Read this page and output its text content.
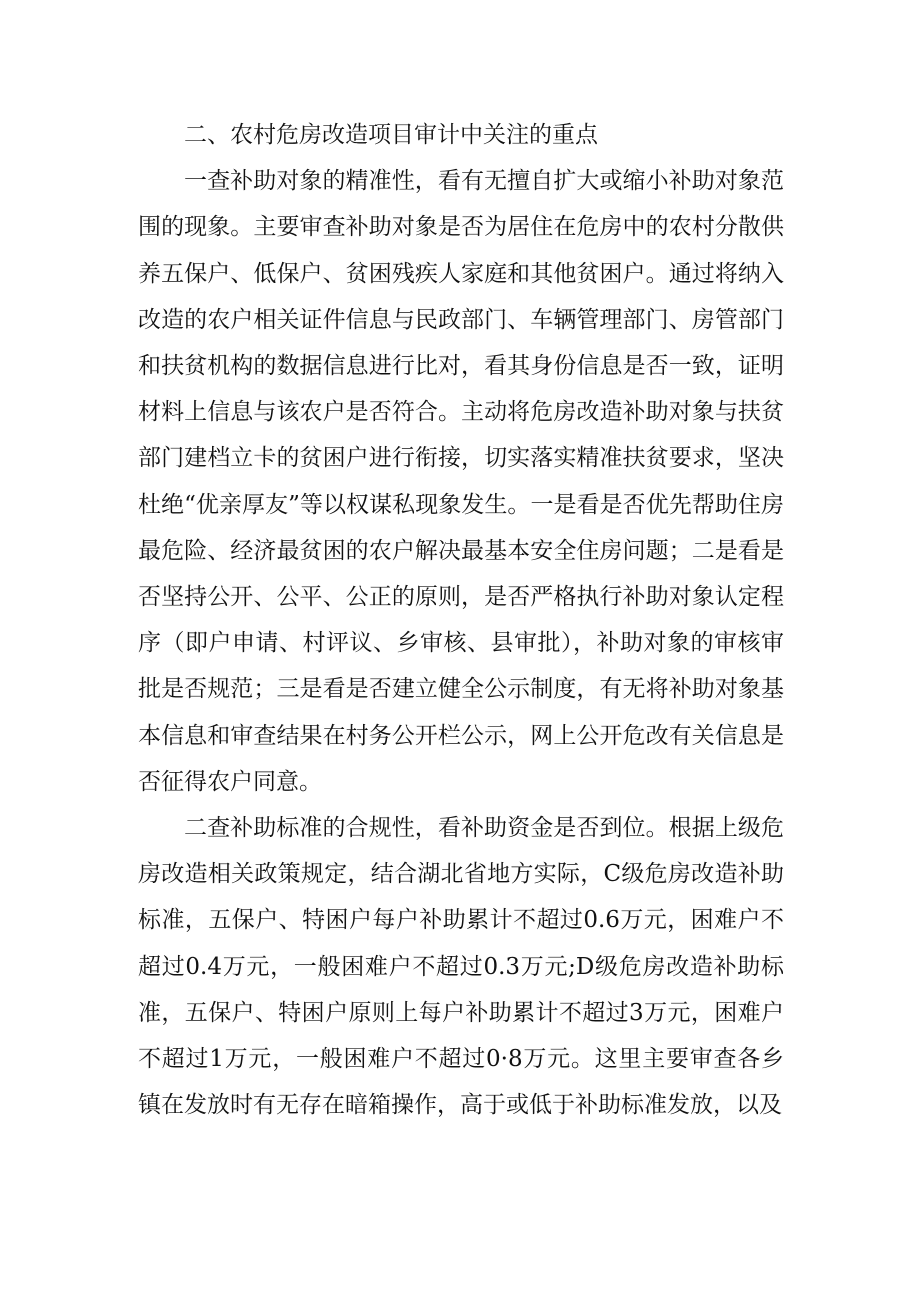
二、农村危房改造项目审计中关注的重点

一查补助对象的精准性，看有无擅自扩大或缩小补助对象范围的现象。主要审查补助对象是否为居住在危房中的农村分散供养五保户、低保户、贫困残疾人家庭和其他贫困户。通过将纳入改造的农户相关证件信息与民政部门、车辆管理部门、房管部门和扶贫机构的数据信息进行比对，看其身份信息是否一致，证明材料上信息与该农户是否符合。主动将危房改造补助对象与扶贫部门建档立卡的贫困户进行衔接，切实落实精准扶贫要求，坚决杜绝“优亲厚友”等以权谋私现象发生。一是看是否优先帮助住房最危险、经济最贫困的农户解决最基本安全住房问题；二是看是否坚持公开、公平、公正的原则，是否严格执行补助对象认定程序（即户申请、村评议、乡审核、县审批），补助对象的审核审批是否规范；三是看是否建立健全公示制度，有无将补助对象基本信息和审查结果在村务公开栏公示，网上公开危改有关信息是否征得农户同意。

二查补助标准的合规性，看补助资金是否到位。根据上级危房改造相关政策规定，结合湖北省地方实际，C级危房改造补助标准，五保户、特困户每户补助累计不超过0.6万元，困难户不超过0.4万元，一般困难户不超过0.3万元;D级危房改造补助标准，五保户、特困户原则上每户补助累计不超过3万元，困难户不超过1万元，一般困难户不超过0·8万元。这里主要审查各乡镇在发放时有无存在暗箱操作，高于或低于补助标准发放，以及
